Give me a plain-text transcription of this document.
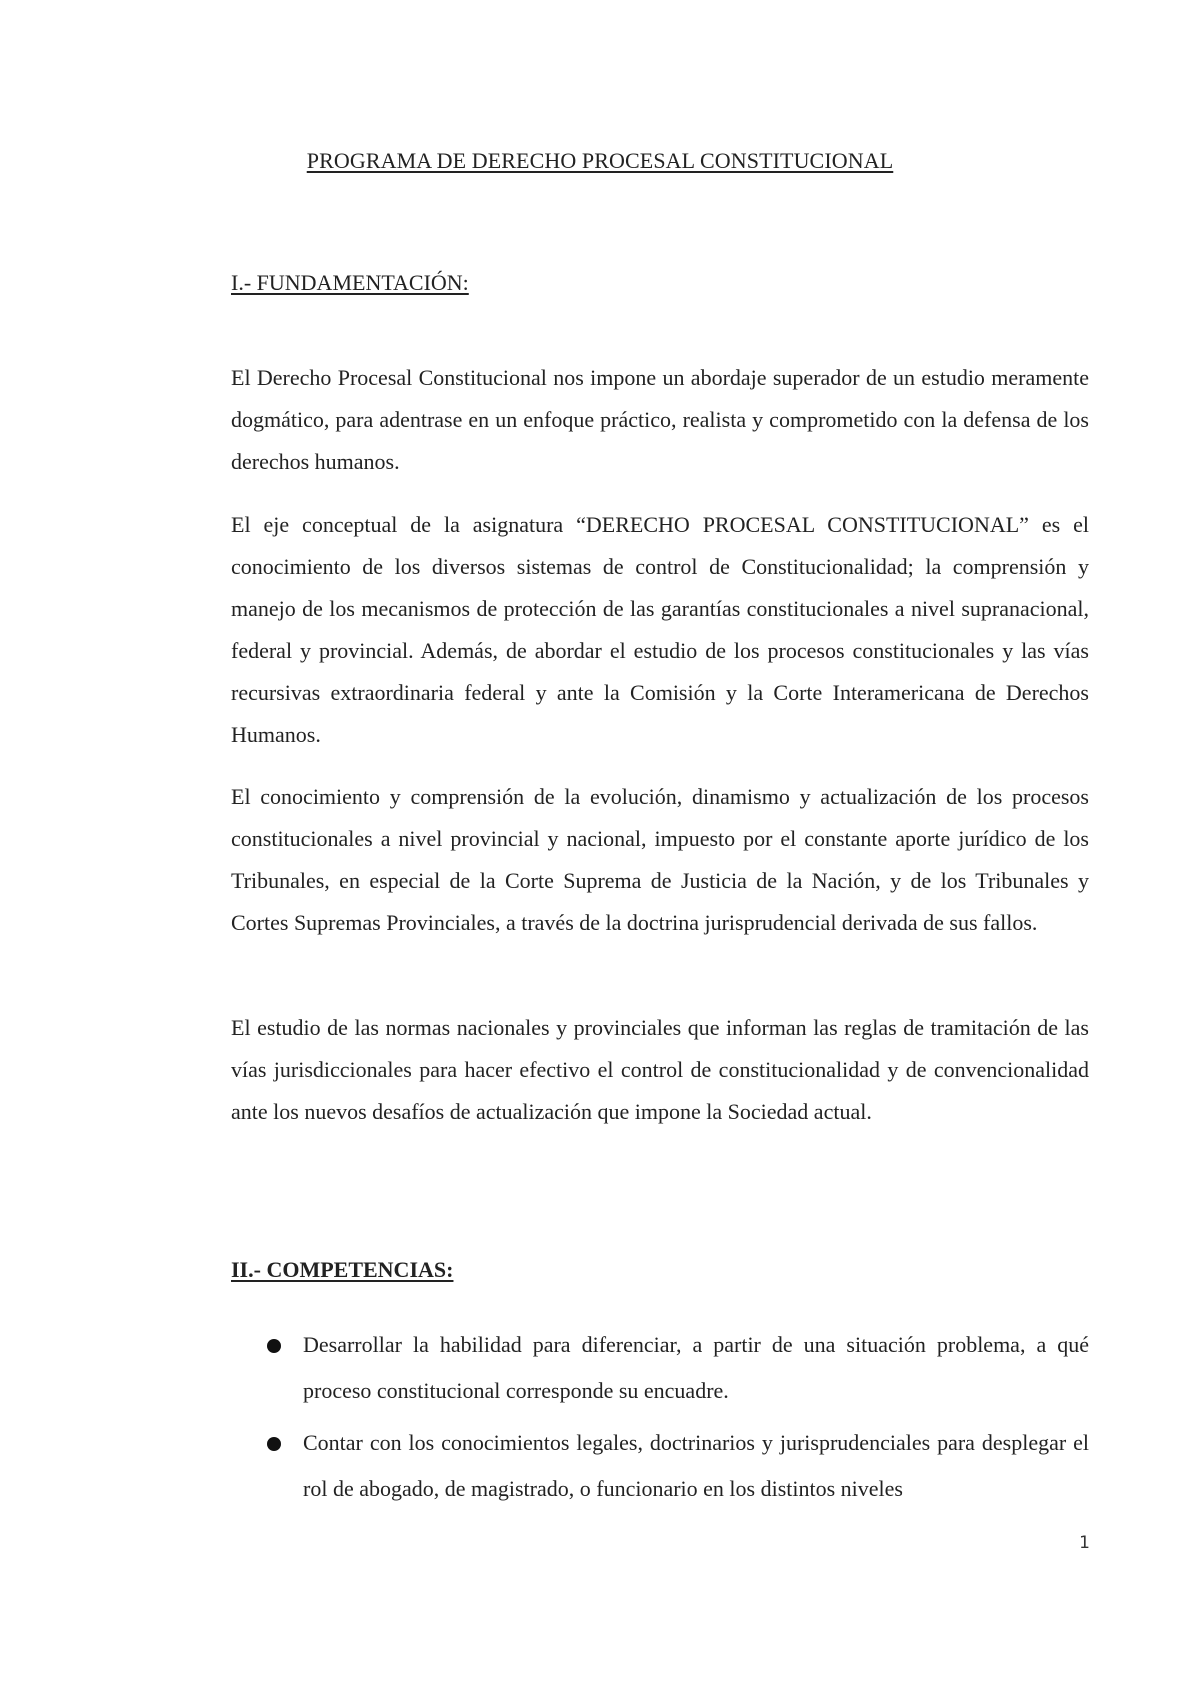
PROGRAMA DE DERECHO PROCESAL CONSTITUCIONAL
I.- FUNDAMENTACIÓN:

El Derecho Procesal Constitucional nos impone un abordaje superador de un estudio meramente dogmático, para adentrase en un enfoque práctico, realista y comprometido con la defensa de los derechos humanos.

El eje conceptual de la asignatura “DERECHO PROCESAL CONSTITUCIONAL” es el conocimiento de los diversos sistemas de control de Constitucionalidad; la comprensión y manejo de los mecanismos de protección de las garantías constitucionales a nivel supranacional, federal y provincial. Además, de abordar el estudio de los procesos constitucionales y las vías recursivas extraordinaria federal y ante la Comisión y la Corte Interamericana de Derechos Humanos.

El conocimiento y comprensión de la evolución, dinamismo y actualización de los procesos constitucionales a nivel provincial y nacional, impuesto por el constante aporte jurídico de los Tribunales, en especial de la Corte Suprema de Justicia de la Nación, y de los Tribunales y Cortes Supremas Provinciales, a través de la doctrina jurisprudencial derivada de sus fallos.

El estudio de las normas nacionales y provinciales que informan las reglas de tramitación de las vías jurisdiccionales para hacer efectivo el control de constitucionalidad y de convencionalidad ante los nuevos desafíos de actualización que impone la Sociedad actual.

II.- COMPETENCIAS:
Desarrollar la habilidad para diferenciar, a partir de una situación problema, a qué proceso constitucional corresponde su encuadre.
Contar con los conocimientos legales, doctrinarios y jurisprudenciales para desplegar el rol de abogado, de magistrado, o funcionario en los distintos niveles
1
